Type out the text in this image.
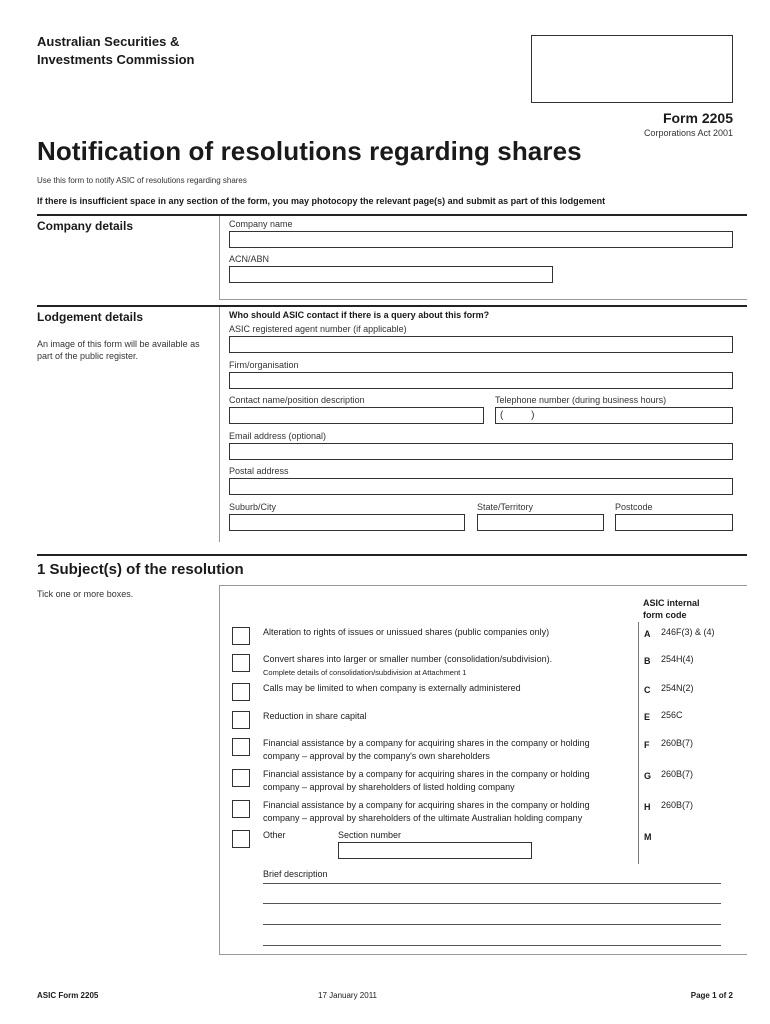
Australian Securities &
Investments Commission
Form 2205
Corporations Act 2001
Notification of resolutions regarding shares
Use this form to notify ASIC of resolutions regarding shares
If there is insufficient space in any section of the form, you may photocopy the relevant page(s) and submit as part of this lodgement
Company details	Company name
ACN/ABN
Lodgement details
An image of this form will be available as part of the public register.
Who should ASIC contact if there is a query about this form?
ASIC registered agent number (if applicable)
Firm/organisation
Contact name/position description	Telephone number (during business hours)
(          )
Email address (optional)
Postal address
Suburb/City	State/Territory	Postcode
1 Subject(s) of the resolution
Tick one or more boxes.
ASIC internal
form code
Alteration to rights of issues or unissued shares (public companies only)	A 246F(3) & (4)
Convert shares into larger or smaller number (consolidation/subdivision).
Complete details of consolidation/subdivision at Attachment 1
B 254H(4)
Calls may be limited to when company is externally administered	C 254N(2)
Reduction in share capital	E 256C
Financial assistance by a company for acquiring shares in the company or holding
company – approval by the company's own shareholders
F 260B(7)
Financial assistance by a company for acquiring shares in the company or holding
company – approval by shareholders of listed holding company
G 260B(7)
Financial assistance by a company for acquiring shares in the company or holding
company – approval by shareholders of the ultimate Australian holding company
H 260B(7)
Other	Section number	M
Brief description
ASIC Form 2205	17 January 2011	Page 1 of 2
